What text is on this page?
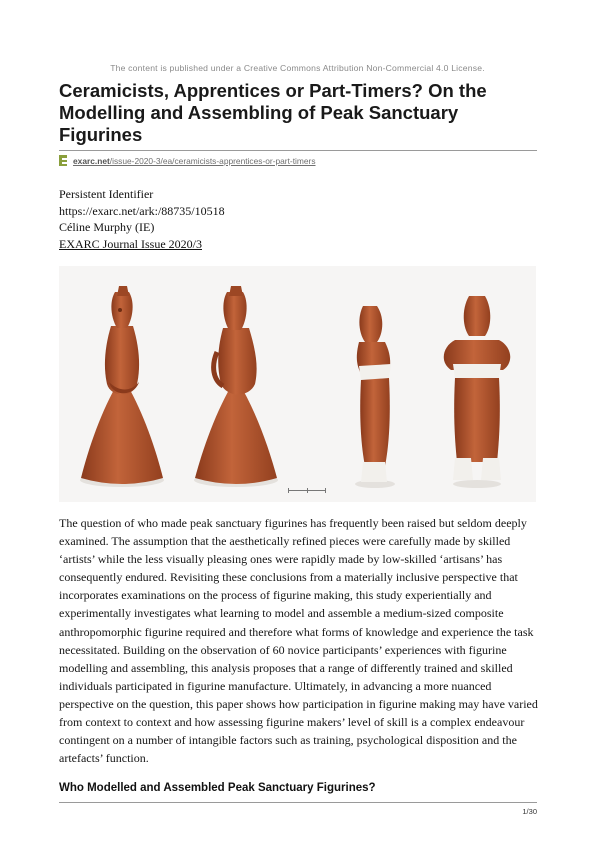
The content is published under a Creative Commons Attribution Non-Commercial 4.0 License.
Ceramicists, Apprentices or Part-Timers? On the Modelling and Assembling of Peak Sanctuary Figurines
exarc.net/issue-2020-3/ea/ceramicists-apprentices-or-part-timers
Persistent Identifier
https://exarc.net/ark:/88735/10518
Céline Murphy (IE)
EXARC Journal Issue 2020/3
The question of who made peak sanctuary figurines has frequently been raised but seldom deeply examined. The assumption that the aesthetically refined pieces were carefully made by skilled ‘artists’ while the less visually pleasing ones were rapidly made by low-skilled ‘artisans’ has consequently endured. Revisiting these conclusions from a materially inclusive perspective that incorporates examinations on the process of figurine making, this study experientially and experimentally investigates what learning to model and assemble a medium-sized composite anthropomorphic figurine required and therefore what forms of knowledge and experience the task necessitated. Building on the observation of 60 novice participants’ experiences with figurine modelling and assembling, this analysis proposes that a range of differently trained and skilled individuals participated in figurine manufacture. Ultimately, in advancing a more nuanced perspective on the question, this paper shows how participation in figurine making may have varied from context to context and how assessing figurine makers’ level of skill is a complex endeavour contingent on a number of intangible factors such as training, psychological disposition and the artefacts’ function.
Who Modelled and Assembled Peak Sanctuary Figurines?
1/30
